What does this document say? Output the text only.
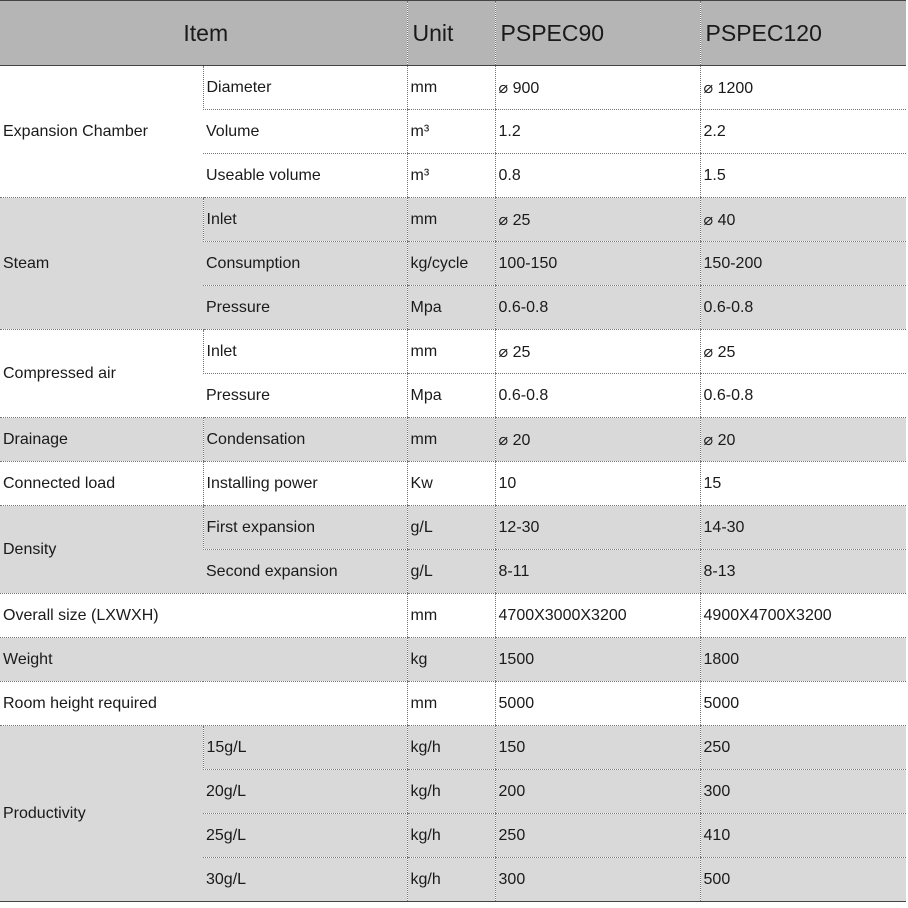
Item		Unit	PSPEC90	PSPEC120
Expansion Chamber	Diameter	mm	⌀ 900	⌀ 1200
	Volume	m³	1.2	2.2
	Useable volume	m³	0.8	1.5
Steam	Inlet	mm	⌀ 25	⌀ 40
	Consumption	kg/cycle	100-150	150-200
	Pressure	Mpa	0.6-0.8	0.6-0.8
Compressed air	Inlet	mm	⌀ 25	⌀ 25
	Pressure	Mpa	0.6-0.8	0.6-0.8
Drainage	Condensation	mm	⌀ 20	⌀ 20
Connected load	Installing power	Kw	10	15
Density	First expansion	g/L	12-30	14-30
	Second expansion	g/L	8-11	8-13
Overall size (LXWXH)		mm	4700X3000X3200	4900X4700X3200
Weight		kg	1500	1800
Room height required		mm	5000	5000
Productivity	15g/L	kg/h	150	250
	20g/L	kg/h	200	300
	25g/L	kg/h	250	410
	30g/L	kg/h	300	500
